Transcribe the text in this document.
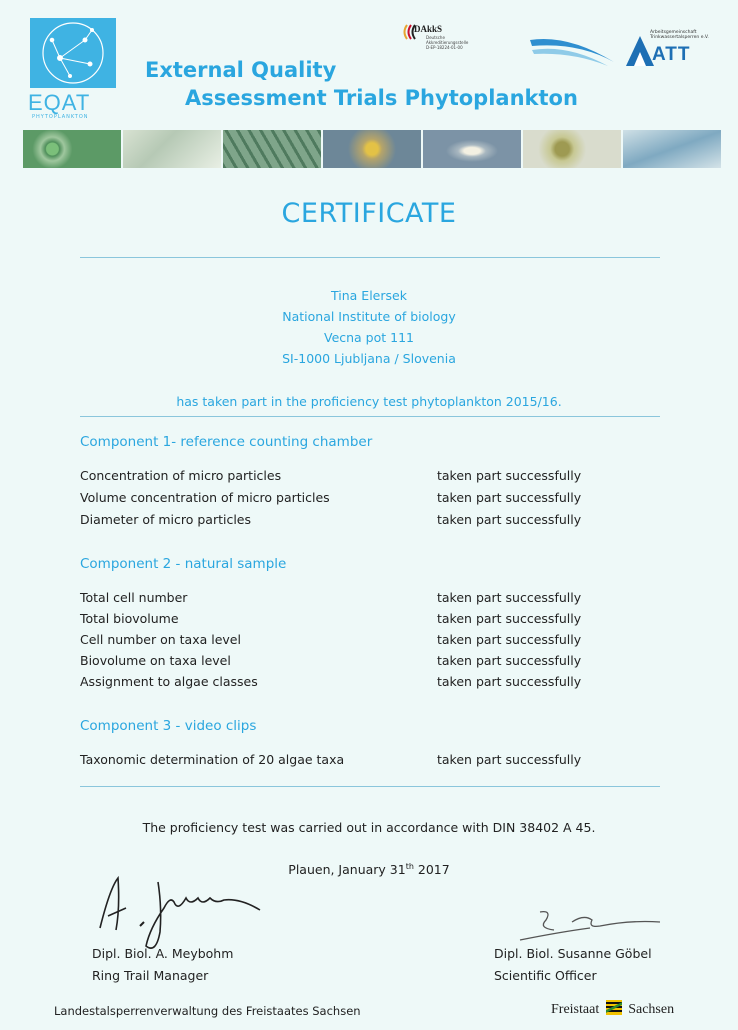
EQAT
PHYTOPLANKTON
External Quality
Assessment Trials Phytoplankton
DAkkS
Deutsche
Akkreditierungsstelle
D-EP-18224-01-00
Arbeitsgemeinschaft
Trinkwassertalsperren e.V.
ATT
CERTIFICATE
Tina Elersek
National Institute of biology
Vecna pot 111
SI-1000 Ljubljana / Slovenia
has taken part in the proficiency test phytoplankton 2015/16.
Component 1- reference counting chamber
Concentration of micro particles	taken part successfully
Volume concentration of micro particles	taken part successfully
Diameter of micro particles	taken part successfully
Component 2 - natural sample
Total cell number	taken part successfully
Total biovolume	taken part successfully
Cell number on taxa level	taken part successfully
Biovolume on taxa level	taken part successfully
Assignment to algae classes	taken part successfully
Component 3 - video clips
Taxonomic determination of 20 algae taxa	taken part successfully
The proficiency test was carried out in accordance with DIN 38402 A 45.
Plauen, January 31th 2017
Dipl. Biol. A. Meybohm
Ring Trail Manager
Dipl. Biol. Susanne Göbel
Scientific Officer
Landestalsperrenverwaltung des Freistaates Sachsen	Freistaat Sachsen
